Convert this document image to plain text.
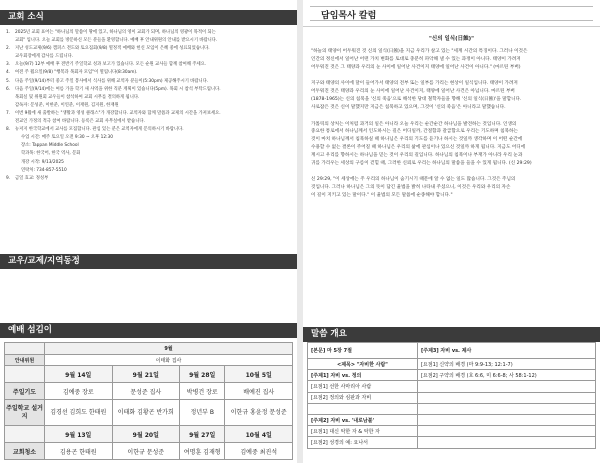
교회 소식
1.	2025년 교회 표어는 "하나님의 말씀이 땅에 있고, 하나님의 영이 교회가 되며, 하나님의 영광이 목적이 되는
교회" 입니다. 오늘 교회를 방문하신 모든 분들을 환영합니다. 예배 후 안내위원의 안내를 받으시기 바랍니다.
2.	지난 성도교제(9/6) 캠퍼스 전도와 토요집회(9/8) 열정적 예배와 헌신 모임이 은혜 중에 성료되었습니다.
교우회장에게 감사를 드립니다.
3.	오늘(9/7) 12부 예배 후 전반기 주일학교 성과 보고가 있습니다. 모든 순원 교사들 함께 참여해 주세요.
4.	여전 주 월요일(9/8) "행복과 목회자 모임"이 열립니다(8:30am).
5.	다음 주일(9/14)부터 중고 주일 봉사에서 식사를 위해 교역자 분들이(5:30pm) 제공해주시기 바랍니다.
6.	다음 주일(9/14)에는 여름 가을 학기 새 사역을 위한 직분 계획이 있습니다(5pm). 목회 시 참석 부탁드립니다.
목회실 및 위원회 교우들이 참석하여 교회 시무를 결의하게 됩니다.
감독자: 문성준, 이한준, 이연준, 이재원, 김지원, 한재원
7.	이번 9월에 새 출발하는 "생활과 영성 클래스"가 개강합니다. 교역자와 함께 말씀과 교제의 시간을 가져보세요.
전교인 가정의 적극 참여 바랍니다. 등록은 교회 사무실에서 받습니다.
8.	뉴저지 한국학교에서 교사를 모집합니다. 관심 있는 분은 교역자에게 문의하시기 바랍니다.
수업 시간: 매주 토요일 오전 9:30 ~ 오후 12:30
장소: Tappan Middle School
학과목: 한국어, 한국 역사, 문화
개강 시작: 9/13/2025
연락처: 734-857-5510
9.	금일 효교: 정성부
교우/교제/지역동정
예배 섬김이
	9월			
안내위원	이태화 집사			
	9월 14일	9월 21일	9월 28일	10월 5일
주일기도	김예중 장로	문성준 집사	박병건 장로	배예진 집사
주일학교 설거지	김경선 김희도 한태원	이태화 김황곤 반가희	정년부 B	이한규 홍윤정 문성준
	9월 13일	9월 20일	9월 27일	10월 4일
교회청소	김용곤 한태원	이한규 문성준	여명훈 김재형	김예중 최진석
담임목사 칼럼
"신의 일식(日蝕)"

"하늘의 태양이 어두워진 것 신의 일식(日蝕)을 지금 우리가 살고 있는 "세계 시간의 특징이다. 그러나 이것은
인간의 정신에서 일어난 어떤 가치 변화를 토대로 충분히 파악해 낼 수 있는 과정이 아니다. 태양이 가려져
어두워진 것은 그 태양과 우리의 눈 사이에 일어난 사건이지 태양에 일어난 사건이 아니다." (마르틴 부버)

지구와 태양의 사이에 달이 들어가서 태양의 전부 또는 일부를 가리는 현상이 일식입니다. 태양이 가려져
어두워진 것은 태양과 우리의 눈 사이에 일어난 사건이지, 태양에 일어난 사건은 아닙니다. 마르틴 부버
(1878-1965)는 신의 침묵을 '신의 죽음'으로 해석한 당대 철학자들을 향해 '신의 일식(日蝕)'을 말합니다.
사로잡은 것은 신이 말했지만 지금은 침묵하고 있으며, 그것이 '신의 죽음'은 아니라고 말했습니다.

가톨릭의 상처는 이처럼 과거의 일은 아니라 오늘 우리는 순간순간 하나님을 발견하는 것입니다. 인생의
중요한 통로에서 하나님께서 인도하시는 길은 어디일까, 간절함과 갈급함으로 우리는 기도하며 침묵하는
것이 마치 하나님께서 침묵하실 때 하나님은 우리의 기도를 듣기나 하시는 것일까 생각하며 이 어떤 순간에
수용할 수 없는 결론이 주어질 때 하나님은 우리의 삶에 관심이나 있으신 것일까 하게 됩니다. 지금도 어디에
계시고 우리를 향하시는 하나님을 믿는 것이 우리의 길입니다. 하나님의 침묵이나 부재가 아니라 우리 눈과
귀를 가리우는 세상의 구름이 걷힐 때, 그러한 신뢰로 우리는 하나님의 말씀을 들을 수 있게 됩니다. (신 29:29)

신 29:29, "이 세상에는 주 우리의 하나님이 숨기시기 때문에 알 수 없는 일도 많습니다. 그것은 주님의
것입니다. 그러나 하나님은 그의 뜻이 담긴 율법을 밝히 나타내 주셨으니, 이것은 우리와 우리의 자손
이 길이 지키고 있는 말이다." 이 율법의 모든 말씀에 순종해야 합니다."

말씀 개요
[본문] 마 5장 7절	[주제3] 자비 vs. 제사
<제목> "자비한 사람"	[요점1] 신약의 배경 (마 9:9-13; 12:1-7)
[주제1] 자비 vs. 정의	[요점2] 구약의 배경 (호 6:6, 미 6:6-8; 사 58:1-12)
[요점1] 선한 사마리아 사람	
[요점2] 정의와 심판과 자비	

[주제2] 자비 vs. '내로남불'	
[요점1] 대신 악한 자 & 악한 자	
[요점2] 성경의 예: 요나서	
